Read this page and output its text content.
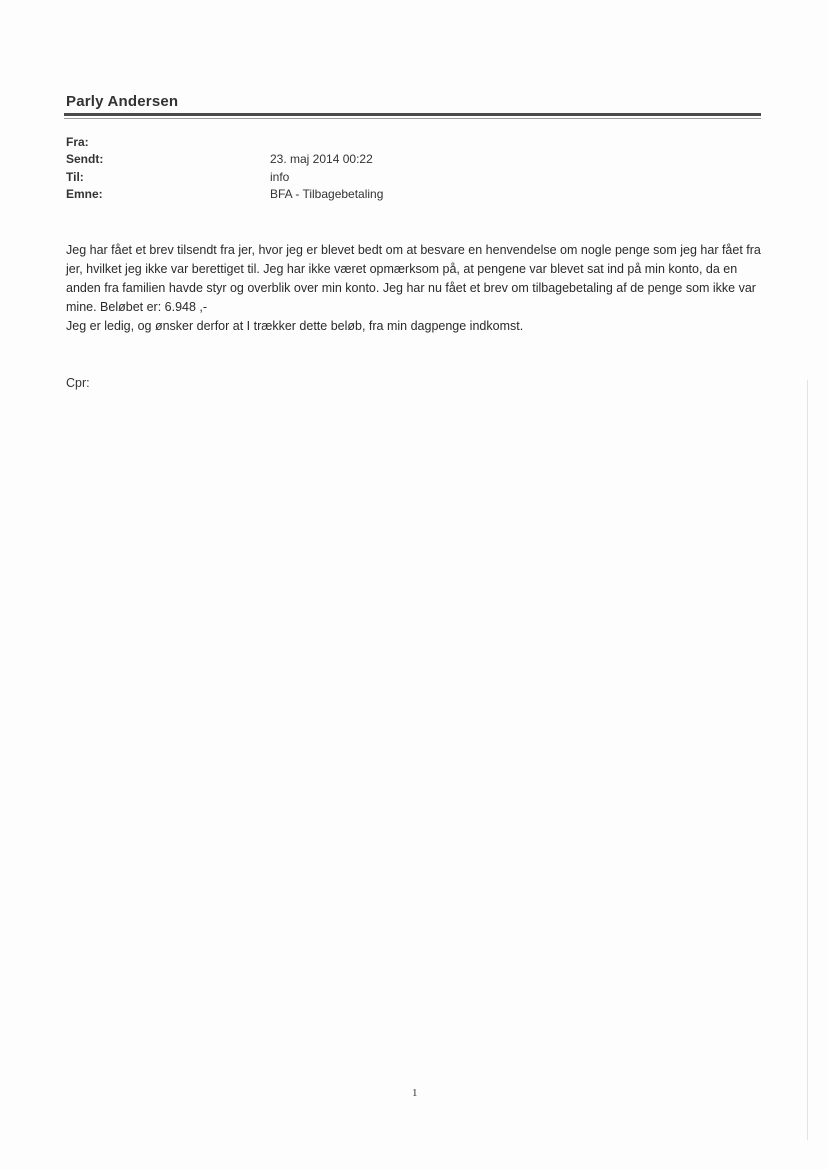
Parly Andersen
Fra:
Sendt:	23. maj 2014 00:22
Til:	info
Emne:	BFA - Tilbagebetaling

Jeg har fået et brev tilsendt fra jer, hvor jeg er blevet bedt om at besvare en henvendelse om nogle penge som jeg har fået fra jer, hvilket jeg ikke var berettiget til. Jeg har ikke været opmærksom på, at pengene var blevet sat ind på min konto, da en anden fra familien havde styr og overblik over min konto. Jeg har nu fået et brev om tilbagebetaling af de penge som ikke var mine. Beløbet er: 6.948 ,-

Jeg er ledig, og ønsker derfor at I trækker dette beløb, fra min dagpenge indkomst.

Cpr:
1
